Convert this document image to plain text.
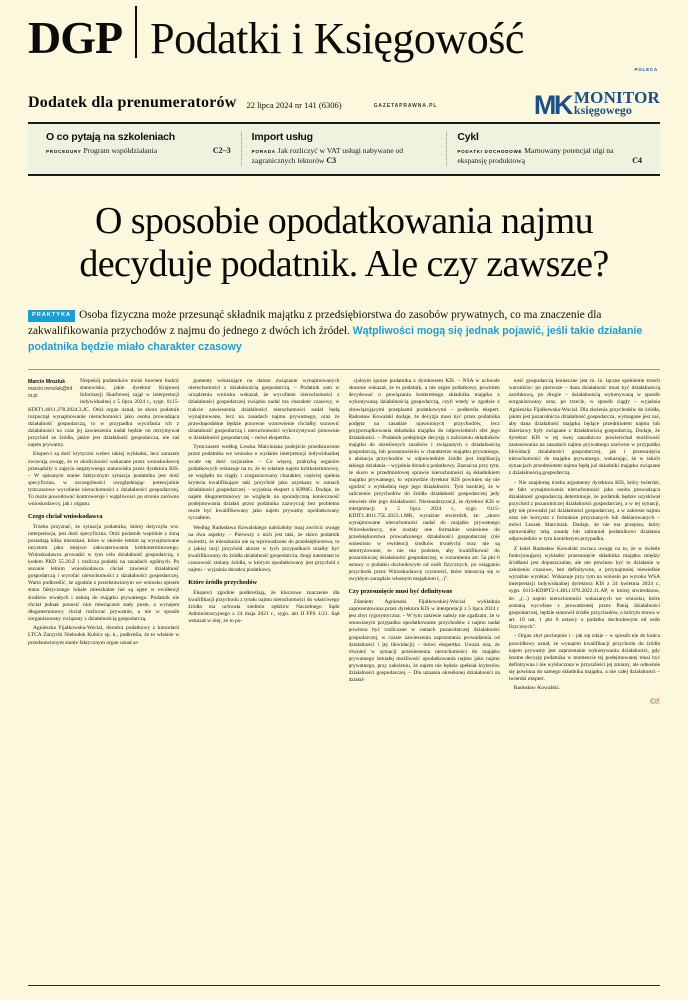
DGP Podatki i Księgowość
Dodatek dla prenumeratorów 22 lipca 2024 nr 141 (6306)	GAZETAPRAWNA.PL
POLECA
MK MONITOR
księgowego
O co pytają na szkoleniach
PROCEDURY Program współdziałania	C2–3
Import usług
PORADA Jak rozliczyć w VAT usługi nabywane od zagranicznych lektorów C3
Cykl
PODATKI DOCHODOWE Marnowany potencjał ulgi na ekspansję produktową	C4
O sposobie opodatkowania najmu decyduje podatnik. Ale czy zawsze?
PRAKTYKA Osoba fizyczna może przesunąć składnik majątku z przedsiębiorstwa do zasobów prywatnych, co ma znaczenie dla zakwalifikowania przychodów z najmu do jednego z dwóch ich źródeł. Wątpliwości mogą się jednak pojawić, jeśli takie działanie podatnika będzie miało charakter czasowy
Marcin Mrozluk
marcin.mrozluk@infor.pl

Niepokój podatników może bowiem budzić stanowisko, jakie dyrektor Krajowej Informacji Skarbowej zajął w interpretacji indywidualnej z 5 lipca 2024 r., sygn. 0115-KDIT1.4011.278.2024.3.JC. Otóż organ uznał, że skoro podatnik rozpoczął wynajmowanie nieruchomości jako osoba prowadząca działalność gospodarczą, to w przypadku wycofania ich z działalności na czas jej zawieszenia nadal będzie on otrzymywał przychód ze źródła, jakim jest działalność gospodarcza, nie zaś najem prywatny.

Eksperci są dość krytyczni wobec takiej wykładni, lecz zarazem zwracają uwagę, że to okoliczności wskazane przez wnioskodawcę przesądziły o zajęciu negatywnego stanowiska przez dyrektora KIS. – W opisanym stanie faktycznym sytuacja podatnika jest dość specyficzna, w szczególności uwzględniając potencjalnie tymczasowe wycofanie nieruchomości z działalności gospodarczej. To może powodować kontrowersje i wątpliwości po stronie zarówno wnioskodawcy, jak i organu.

Czego chciał wnioskodawca

Trzeba przyznać, że sytuacja podatnika, której dotyczyła ww. interpretacja, jest dość specyficzna. Otóż podatnik wspólnie z żoną posiadają kilka mieszkań, które w okresie letnim są wynajmowane turystom jako miejsce zakwaterowania krótkoterminowego. Wnioskodawca prowadzi w tym celu działalność gospodarczą, z kodem PKD 55.20.Z i rozlicza podatki na zasadach ogólnych. Po sezonie letnim wnioskodawca chciał zawiesić działalność gospodarczą i wycofać nieruchomości z działalności gospodarczej. Warto podkreślić, że zgodnie z przedstawionym we wniosku opisem stanu faktycznego lokale mieszkalne nie są ujęte w ewidencji środków trwałych i należą do majątku prywatnego. Podatnik nie chciał jednak ponosić nim miesiącami stały puste, a wynajem długoterminowy chciał rozliczać prywatnie, a nie w sposób zorganizowany związany z działalnością gospodarczą.

Agnieszka Fijałkowska-Wocial, doradca podatkowy z kancelarii LTCA Zarzycki Niebudek Kubicz sp. k., podkreśla, że to właśnie w przedstawionym stanie faktycznym organ uznał ar-

gumenty wskazujące na dalsze związanie wynajmowanych nieruchomości z działalnością gospodarczą. – Podatnik sam w urządzeniu wniosku wskazał, że wycofanie nieruchomości z działalności gospodarczej związku nadal ma charakter czasowy, w trakcie zawieszenia działalności nieruchomości nadal będą wynajmowane, lecz na zasadach najmu prywatnego, oraz że prawdopodobne będzie ponowne wznowienie chciałby wznowić działalność gospodarczą i nieruchomości wykorzystywać ponownie w działalności gospodarczej – mówi ekspertka.

Tymczasem według Leszka Marciniaka podejście przedstawione przez podatnika we wniosku o wydanie interpretacji indywidualnej wcale się dość racjonalne. – Co więcej, praktyką organów podatkowych wskazuje na to, że to właśnie najem krótkoterminowy, ze względu na ciągły i zorganizowany charakter, częściej spełnia kryteria kwalifikujące taki przychód jako uzyskany w ramach działalności gospodarczej – wyjaśnia ekspert z KPMG. Dodaje, że najem długoterminowy ze względu na sporadyczną konieczność podejmowania działań przez podatnika zazwyczaj bez problemu może być kwalifikowany jako najem prywatny opodatkowany ryczałtem.

Według Radosława Kowalskiego należałoby tutaj zwrócić uwagę na dwa aspekty. – Pierwszy z nich jest taki, że skoro podatnik twierdzi, że mieszkania nie są wprowadzone do przedsiębiorstwa, to z jakiej racji przychód akurat w tych przypadkach miałby być kwalifikowany do źródła działalność gospodarcza, drugi natomiast to czasowość zmiany źródła, w którym opodatkowany jest przychód z najmu – wyjaśnia doradca podatkowy.

Które źródło przychodów

Eksperci zgodnie podkreślają, że kluczowe znaczenie dla kwalifikacji przychodu z tytułu najmu nieruchomości do właściwego źródła ma uchwała siedmiu sędziów Naczelnego Sądu Administracyjnego z 24 maja 2021 r., sygn. akt II FPS 1/21. Sąd wskazał w niej, że to po-

cjalnym sporze podatnika z dyrektorem KIS. – NSA w uchwale słusznie wskazał, że to podatnik, a nie organ podatkowy, powinien decydować o powiązaniu konkretnego składnika majątku z wykonywaną działalnością gospodarczą, czyli wtedy w zgodzie z obowiązującymi przepisami podatkowymi – podkreśla ekspert. Radosław Kowalski dodaje, że decyzja musi być przez podatnika podjęta na zasadzie ujawnionych przychodów, lecz przyporządkowania składnika majątku do odpowiednich sfer jego działalności. – Podatnik podejmuje decyzję o zaliczeniu składników majątku do określonych zasobów i związanych z działalnością gospodarczą, lub pozostawieniu w charakterze majątku prywatnego, a alokacja przychodów w odpowiednim źródle jest implikacją takiego działania – wyjaśnia doradca podatkowy. Zaznacza przy tym, że skoro w przedmiotowej sprawie nieruchomości są składnikiem majątku prywatnego, to wprawdzie dyrektor KIS powinien się nie zgodzić z wykładnią tego jego działalności. Tym bardziej, że w zaliczeniu przychodów do źródła działalność gospodarczej jedy niewiele sfer jego działalności. Niestandaryzacji, że dyrektor KIS w interpretacji z 5 lipca 2024 r., sygn. 0115-KDIT1.4011.75L.2023.1.MK, wyraźnie stwierdził, że: „skoro wynajmowane nieruchomości nadal do majątku prywatnego Wnioskodawcy, nie zostały one formalnie wniesione do przedsiębiorstwa prowadzonego działalności gospodarczej (nie wniesiono w ewidencji środków trwałych) oraz nie są amortyzowane, to nie ma podstaw, aby kwalifikować do pozarolniczej działalności gospodarczej, w rozumieniu art. 5a pkt 6 ustawy o podatku dochodowym od osób fizycznych, po osiąganiu przychodu przez Wnioskodawcę czynności, które mieszczą się w zwykłym zarządzie własnym majątkiem (...)".

Czy przesunięcie musi być definitywne

Zdaniem Agnieszki Fijałkowskiej-Wocial wykładnia zaprezentowana przez dyrektora KIS w interpretacji z 5 lipca 2024 r. jest zbyt rygorystyczna. – W tym zakresie należy nie zgadzam, że w omawianym przypadku opodatkowanie przychodów z najmu nadal powinno być rozliczane w ramach pozarolniczej działalności gospodarczej, w czasie zawieszenia zaprzestania prowadzenia od działalności i jej likwidacji) – mówi ekspertka. Uważa ona, że również w sytuacji przeniesienia nieruchomości do majątku prywatnego istniałej możliwość opodatkowania najmu jako najmu prywatnego, przy założeniu, że najem nie będzie spełniał kryteriów działalności gospodarczej. – Dla uznania określonej działalności za działal-

ność gospodarczą konieczne jest m. in. łączne spełnienie trzech warunków: po pierwsze – dana działalność musi być działalnością zarobkową, po drugie – działalnością wykonywaną w sposób zorganizowany oraz, po trzecie, w sposób ciągły – wyjaśnia Agnieszka Fijałkowska-Wocial. Dla złożenia przychodów do źródła, jakim jest pozarolnicza działalność gospodarcza, wymagane jest zaś, aby dana działalność majątku będące przedmiotem najmu lub dzierżawy były związane z działalnością gospodarczą. Dodaje, że dyrektor KIS w tej swej zasadniczo powierzchał możliwość zastosowania na zasadach najmu prywatnego zarówno w przypadku likwidacji działalności gospodarczej, jak i przesunięcia nieruchomości do majątku prywatnego, wskazując, że w takich sytuacjach przedmiotem najmu będą już składniki majątku związane z działalnością gospodarczą.

– Nie znajdomą trzeba argumenty dyrektora KIS, który twierdzi, że fakt wynajmowania nieruchomości jako osoba prowadząca działalność gospodarczą determinuje, że podatnik będzie uzyskiwał przychód z pozarolniczej działalności gospodarczej, a w tej sytuacji, gdy nie prowadzi już działalności gospodarczej, a w zakresie najmu oraz nie korzysta z formalnie przyznanych lub deklarowanych – mówi Leszek Marciniak. Dodaje, że nie ma przepisu, który uprawniałby taką zasadę lub zabraniał podatnikowi działania odpowiednio w tym kontekstym przypadku.

Z kolei Radosław Kowalski zwraca uwagę na to, że w świetle funkcjonującej wykładni przesunięcie składnika majątku między źródłami jest dopuszczalne, ale nie powinno być to działanie w założeniu czasowe, bez definitywne, a przynajmniej niewielkie wyraźnie wynikać. Wskazuje przy tym na wnioski po wyroku WSA interpretacji indywidualnej dyrektora KIS z 24 kwietnia 2024 r., sygn. 0113-KDIPT2-1.4011.970.2022.11.AP, w której stwierdzono, że: „(...) najem nieruchomości wskazanych we wniosku, które zostaną wycofane z prowadzonej przez Panią działalności gospodarczej, będzie stanowił źródło przychodów, o którym mowa w art. 10 ust. 1 pkt 6 ustawy o podatku dochodowym od osób fizycznych".

– Organ zbyt pochopnie i – jak się zdaje – w sposób nie do końca prawidłowy uznał, że wynajem kwalifikacji przychodu do źródła najem prywatny jest zaprzestanie wykonywania działalności, gdy istotne decyzję podatnika w momencie tej podejmowanej musi być definitywna i nie wykluczona w przyszłości jej zmiany, ale odnośnie się powinna do samego składnika majątku, a nie całej działalności – twierdzi ekspert.

Radosław Kowalski.

©℗
